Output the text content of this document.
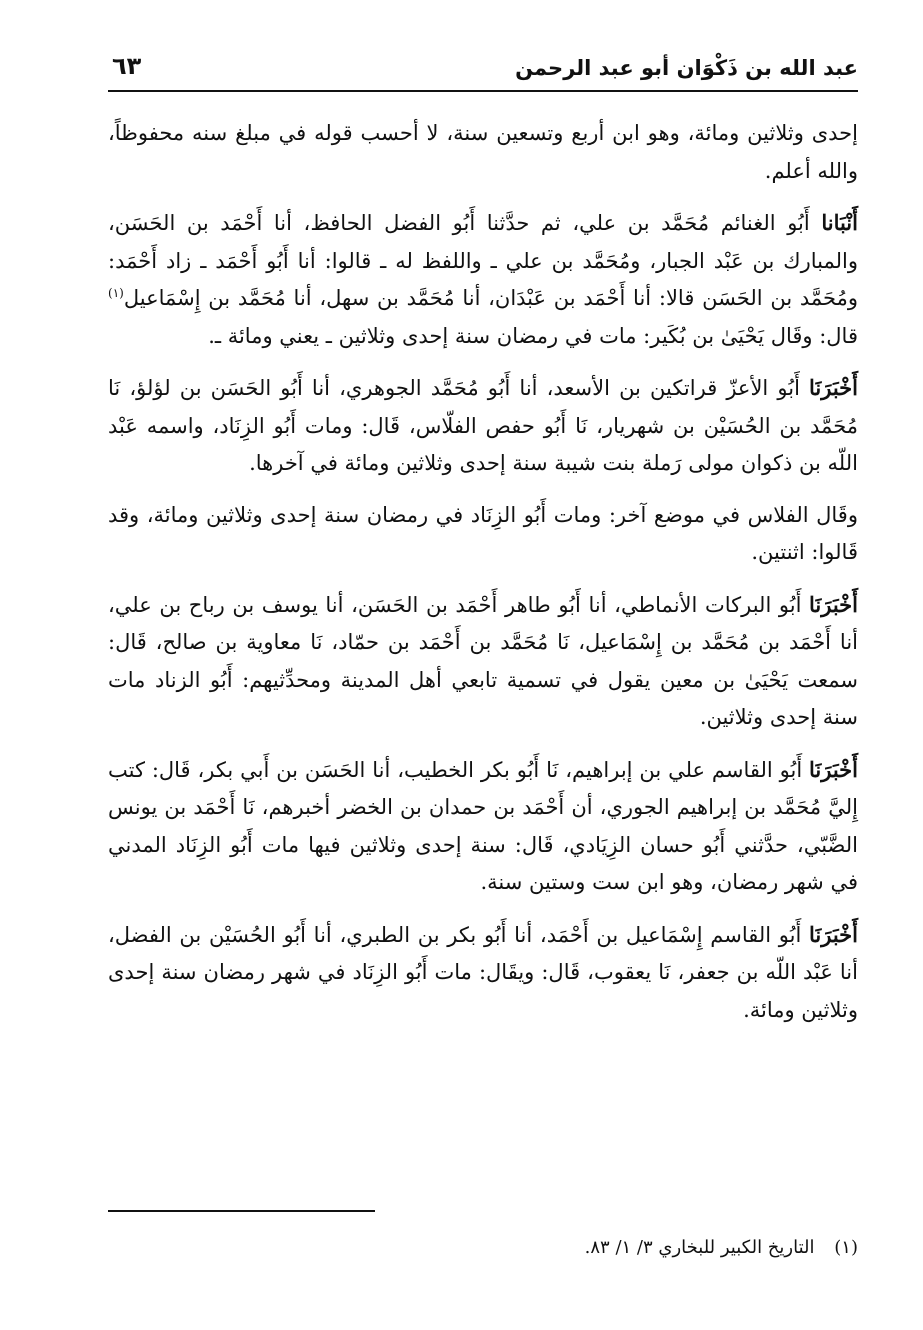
عبد الله بن ذَكْوَان أبو عبد الرحمن
٦٣

إحدى وثلاثين ومائة، وهو ابن أربع وتسعين سنة، لا أحسب قوله في مبلغ سنه محفوظاً، والله أعلم.

أَنْبَانا أَبُو الغنائم مُحَمَّد بن علي، ثم حدَّثنا أَبُو الفضل الحافظ، أنا أَحْمَد بن الحَسَن، والمبارك بن عَبْد الجبار، ومُحَمَّد بن علي ـ واللفظ له ـ قالوا: أنا أَبُو أَحْمَد ـ زاد أَحْمَد: ومُحَمَّد بن الحَسَن قالا: أنا أَحْمَد بن عَبْدَان، أنا مُحَمَّد بن سهل، أنا مُحَمَّد بن إِسْمَاعيل$^{(١)}$ قال: وقَال يَحْيَىٰ بن بُكَير: مات في رمضان سنة إحدى وثلاثين ـ يعني ومائة ـ.

أَخْبَرَنَا أَبُو الأعزّ قراتكين بن الأسعد، أنا أَبُو مُحَمَّد الجوهري، أنا أَبُو الحَسَن بن لؤلؤ، نَا مُحَمَّد بن الحُسَيْن بن شهريار، نَا أَبُو حفص الفلّاس، قَال: ومات أَبُو الزِنَاد، واسمه عَبْد اللّه بن ذكوان مولى رَملة بنت شيبة سنة إحدى وثلاثين ومائة في آخرها.

وقَال الفلاس في موضع آخر: ومات أَبُو الزِنَاد في رمضان سنة إحدى وثلاثين ومائة، وقد قَالوا: اثنتين.

أَخْبَرَنَا أَبُو البركات الأنماطي، أنا أَبُو طاهر أَحْمَد بن الحَسَن، أنا يوسف بن رباح بن علي، أنا أَحْمَد بن مُحَمَّد بن إِسْمَاعيل، نَا مُحَمَّد بن أَحْمَد بن حمّاد، نَا معاوية بن صالح، قَال: سمعت يَحْيَىٰ بن معين يقول في تسمية تابعي أهل المدينة ومحدِّثيهم: أَبُو الزناد مات سنة إحدى وثلاثين.

أَخْبَرَنَا أَبُو القاسم علي بن إبراهيم، نَا أَبُو بكر الخطيب، أنا الحَسَن بن أَبي بكر، قَال: كتب إِليَّ مُحَمَّد بن إبراهيم الجوري، أن أَحْمَد بن حمدان بن الخضر أخبرهم، نَا أَحْمَد بن يونس الضَّبّي، حدَّثني أَبُو حسان الزِيَادي، قَال: سنة إحدى وثلاثين فيها مات أَبُو الزِنَاد المدني في شهر رمضان، وهو ابن ست وستين سنة.

أَخْبَرَنَا أَبُو القاسم إِسْمَاعيل بن أَحْمَد، أنا أَبُو بكر بن الطبري، أنا أَبُو الحُسَيْن بن الفضل، أنا عَبْد اللّه بن جعفر، نَا يعقوب، قَال: ويقَال: مات أَبُو الزِنَاد في شهر رمضان سنة إحدى وثلاثين ومائة.

(١) التاريخ الكبير للبخاري ٣/ ١/ ٨٣.
